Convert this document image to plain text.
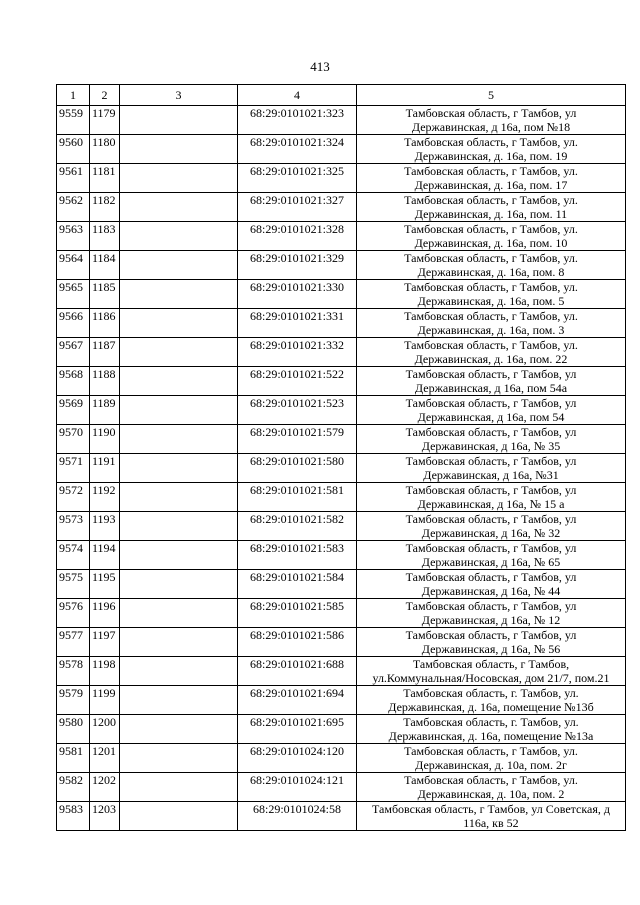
413
1	2	3	4	5
9559	1179		68:29:0101021:323	Тамбовская область, г Тамбов, ул
Державинская, д 16а, пом №18

9560	1180		68:29:0101021:324	Тамбовская область, г Тамбов, ул.
Державинская, д. 16а, пом. 19

9561	1181		68:29:0101021:325	Тамбовская область, г Тамбов, ул.
Державинская, д. 16а, пом. 17

9562	1182		68:29:0101021:327	Тамбовская область, г Тамбов, ул.
Державинская, д. 16а, пом. 11

9563	1183		68:29:0101021:328	Тамбовская область, г Тамбов, ул.
Державинская, д. 16а, пом. 10

9564	1184		68:29:0101021:329	Тамбовская область, г Тамбов, ул.
Державинская, д. 16а, пом. 8

9565	1185		68:29:0101021:330	Тамбовская область, г Тамбов, ул.
Державинская, д. 16а, пом. 5

9566	1186		68:29:0101021:331	Тамбовская область, г Тамбов, ул.
Державинская, д. 16а, пом. 3

9567	1187		68:29:0101021:332	Тамбовская область, г Тамбов, ул.
Державинская, д. 16а, пом. 22

9568	1188		68:29:0101021:522	Тамбовская область, г Тамбов, ул
Державинская, д 16а, пом 54а

9569	1189		68:29:0101021:523	Тамбовская область, г Тамбов, ул
Державинская, д 16а, пом 54

9570	1190		68:29:0101021:579	Тамбовская область, г Тамбов, ул
Державинская, д 16а, № 35

9571	1191		68:29:0101021:580	Тамбовская область, г Тамбов, ул
Державинская, д 16а, №31

9572	1192		68:29:0101021:581	Тамбовская область, г Тамбов, ул
Державинская, д 16а, № 15 а

9573	1193		68:29:0101021:582	Тамбовская область, г Тамбов, ул
Державинская, д 16а, № 32

9574	1194		68:29:0101021:583	Тамбовская область, г Тамбов, ул
Державинская, д 16а, № 65

9575	1195		68:29:0101021:584	Тамбовская область, г Тамбов, ул
Державинская, д 16а, № 44

9576	1196		68:29:0101021:585	Тамбовская область, г Тамбов, ул
Державинская, д 16а, № 12

9577	1197		68:29:0101021:586	Тамбовская область, г Тамбов, ул
Державинская, д 16а, № 56

9578	1198		68:29:0101021:688	Тамбовская область, г Тамбов,
ул.Коммунальная/Носовская, дом 21/7, пом.21

9579	1199		68:29:0101021:694	Тамбовская область, г. Тамбов, ул.
Державинская, д. 16а, помещение №13б

9580	1200		68:29:0101021:695	Тамбовская область, г. Тамбов, ул.
Державинская, д. 16а, помещение №13а

9581	1201		68:29:0101024:120	Тамбовская область, г Тамбов, ул.
Державинская, д. 10а, пом. 2г

9582	1202		68:29:0101024:121	Тамбовская область, г Тамбов, ул.
Державинская, д. 10а, пом. 2

9583	1203		68:29:0101024:58	Тамбовская область, г Тамбов, ул Советская, д
116а, кв 52
